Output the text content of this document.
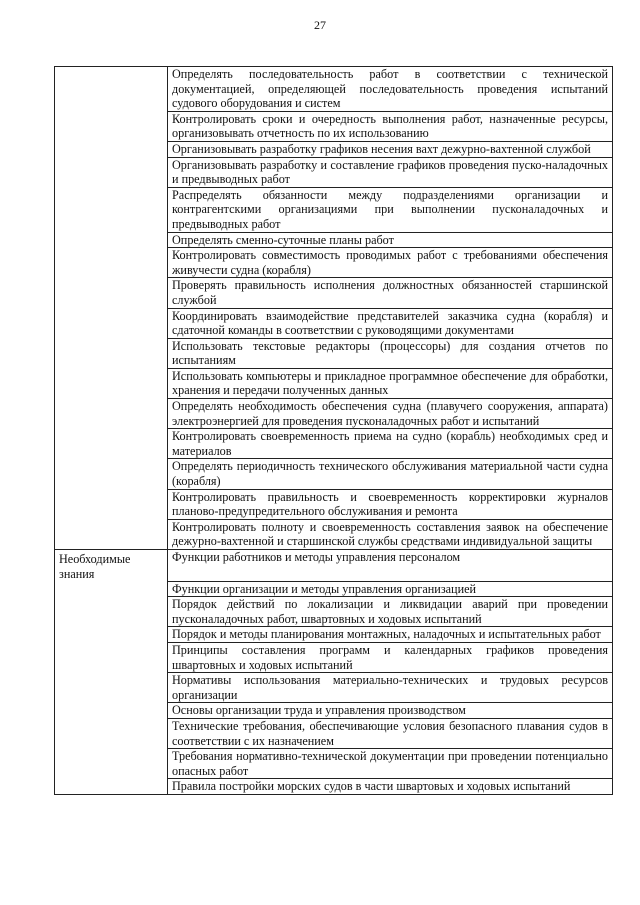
27
	Определять последовательность работ в соответствии с технической документацией, определяющей последовательность проведения испытаний судового оборудования и систем
	Контролировать сроки и очередность выполнения работ, назначенные ресурсы, организовывать отчетность по их использованию
	Организовывать разработку графиков несения вахт дежурно-вахтенной службой
	Организовывать разработку и составление графиков проведения пуско-наладочных и предвыводных работ
	Распределять обязанности между подразделениями организации и контрагентскими организациями при выполнении пусконаладочных и предвыводных работ
	Определять сменно-суточные планы работ
	Контролировать совместимость проводимых работ с требованиями обеспечения живучести судна (корабля)
	Проверять правильность исполнения должностных обязанностей старшинской службой
	Координировать взаимодействие представителей заказчика судна (корабля) и сдаточной команды в соответствии с руководящими документами
	Использовать текстовые редакторы (процессоры) для создания отчетов по испытаниям
	Использовать компьютеры и прикладное программное обеспечение для обработки, хранения и передачи полученных данных
	Определять необходимость обеспечения судна (плавучего сооружения, аппарата) электроэнергией для проведения пусконаладочных работ и испытаний
	Контролировать своевременность приема на судно (корабль) необходимых сред и материалов
	Определять периодичность технического обслуживания материальной части судна (корабля)
	Контролировать правильность и своевременность корректировки журналов планово-предупредительного обслуживания и ремонта
	Контролировать полноту и своевременность составления заявок на обеспечение дежурно-вахтенной и старшинской службы средствами индивидуальной защиты

Необходимые
знания	Функции работников и методы управления персоналом
	Функции организации и методы управления организацией
	Порядок действий по локализации и ликвидации аварий при проведении пусконаладочных работ, швартовных и ходовых испытаний
	Порядок и методы планирования монтажных, наладочных и испытательных работ
	Принципы составления программ и календарных графиков проведения швартовных и ходовых испытаний
	Нормативы использования материально-технических и трудовых ресурсов организации
	Основы организации труда и управления производством
	Технические требования, обеспечивающие условия безопасного плавания судов в соответствии с их назначением
	Требования нормативно-технической документации при проведении потенциально опасных работ
	Правила постройки морских судов в части швартовых и ходовых испытаний
